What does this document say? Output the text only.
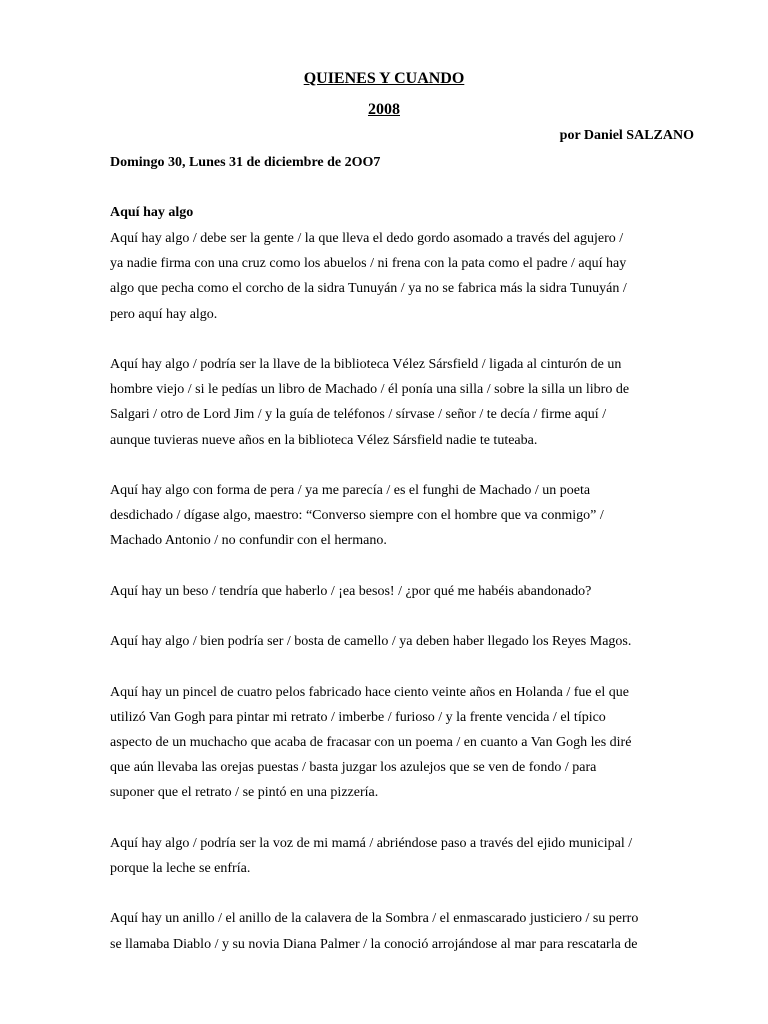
QUIENES Y CUANDO
2008

por Daniel SALZANO

Domingo 30, Lunes 31 de diciembre de 2OO7

Aquí hay algo

Aquí hay algo / debe ser la gente / la que lleva el dedo gordo asomado a través del agujero /
ya nadie firma con una cruz como los abuelos / ni frena con la pata como el padre / aquí hay
algo que pecha como el corcho de la sidra Tunuyán / ya no se fabrica más la sidra Tunuyán /
pero aquí hay algo.

Aquí hay algo / podría ser la llave de la biblioteca Vélez Sársfield / ligada al cinturón de un
hombre viejo / si le pedías un libro de Machado / él ponía una silla / sobre la silla un libro de
Salgari / otro de Lord Jim / y la guía de teléfonos / sírvase / señor / te decía / firme aquí /
aunque tuvieras nueve años en la biblioteca Vélez Sársfield nadie te tuteaba.

Aquí hay algo con forma de pera / ya me parecía / es el funghi de Machado / un poeta
desdichado / dígase algo, maestro: “Converso siempre con el hombre que va conmigo” /
Machado Antonio / no confundir con el hermano.

Aquí hay un beso / tendría que haberlo / ¡ea besos! / ¿por qué me habéis abandonado?

Aquí hay algo / bien podría ser / bosta de camello / ya deben haber llegado los Reyes Magos.

Aquí hay un pincel de cuatro pelos fabricado hace ciento veinte años en Holanda / fue el que
utilizó Van Gogh para pintar mi retrato / imberbe / furioso / y la frente vencida / el típico
aspecto de un muchacho que acaba de fracasar con un poema / en cuanto a Van Gogh les diré
que aún llevaba las orejas puestas / basta juzgar los azulejos que se ven de fondo / para
suponer que el retrato / se pintó en una pizzería.

Aquí hay algo / podría ser la voz de mi mamá / abriéndose paso a través del ejido municipal /
porque la leche se enfría.

Aquí hay un anillo / el anillo de la calavera de la Sombra / el enmascarado justiciero / su perro
se llamaba Diablo / y su novia Diana Palmer / la conoció arrojándose al mar para rescatarla de
